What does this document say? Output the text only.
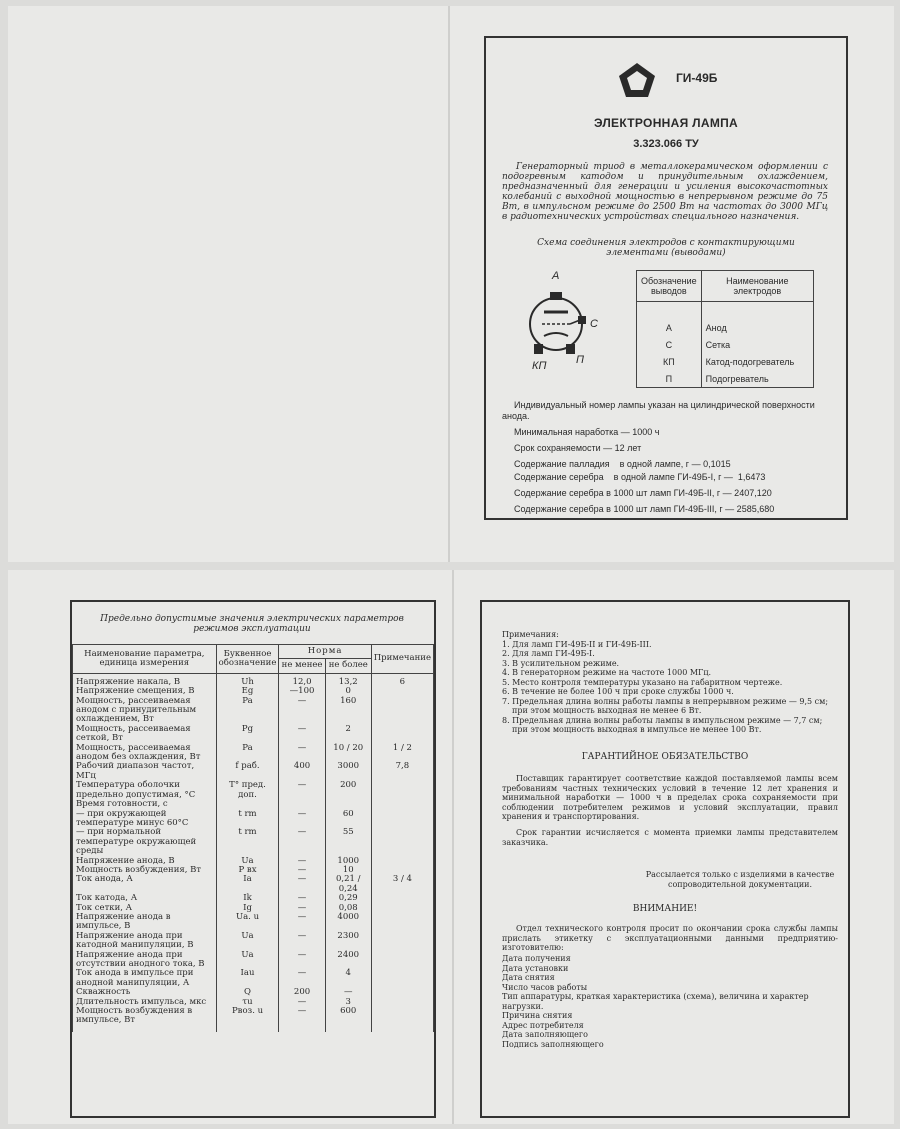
ГИ-49Б
ЭЛЕКТРОННАЯ ЛАМПА
3.323.066 ТУ
Генераторный триод в металлокерамическом оформлении с подогревным катодом и принудительным охлаждением, предназначенный для генерации и усиления высокочастотных колебаний с выходной мощностью в непрерывном режиме до 75 Вт, в импульсном режиме до 2500 Вт на частотах до 3000 МГц в радиотехнических устройствах специального назначения.
Схема соединения электродов с контактирующими элементами (выводами)
А
С
КП	П
Обозначение выводов	Наименование электродов

А	Анод
С	Сетка
КП	Катод-подогреватель
П	Подогреватель
Индивидуальный номер лампы указан на цилиндрической поверхности анода.
Минимальная наработка — 1000 ч
Срок сохраняемости — 12 лет
Содержание палладия    в одной лампе, г — 0,1015
Содержание серебра    в одной лампе ГИ-49Б-I, г —  1,6473
Содержание серебра в 1000 шт ламп ГИ-49Б-II, г — 2407,120
Содержание серебра в 1000 шт ламп ГИ-49Б-III, г — 2585,680
Предельно допустимые значения электрических параметров режимов эксплуатации
Наименование параметра, единица измерения	Буквенное обозначение	Норма		Примечание
		не менее	не более	
Напряжение накала, В	Uh	12,0	13,2	6
Напряжение смещения, В	Eg	—100	0	
Мощность, рассеиваемая анодом с принудительным охлаждением, Вт	Pa	—	160	
Мощность, рассеиваемая сеткой, Вт	Pg	—	2	
Мощность, рассеиваемая анодом без охлаждения, Вт	Pa	—	10 / 20	1 / 2
Рабочий диапазон частот, МГц	f раб.	400	3000	7,8
Температура оболочки предельно допустимая, °С	T° пред. доп.	—	200	
Время готовности, с				
— при окружающей температуре минус 60°С	t rm	—	60	
— при нормальной температуре окружающей среды	t rm	—	55	
Напряжение анода, В	Ua	—	1000	
Мощность возбуждения, Вт	P вх	—	10	
Ток анода, А	Ia	—	0,21 / 0,24	3 / 4
Ток катода, А	Ik	—	0,29	
Ток сетки, А	Ig	—	0,08	
Напряжение анода в импульсе, В	Ua. u	—	4000	
Напряжение анода при катодной манипуляции, В	Ua	—	2300	
Напряжение анода при отсутствии анодного тока, В	Ua	—	2400	
Ток анода в импульсе при анодной манипуляции, А	Iau	—	4	
Скважность	Q	200	—	
Длительность импульса, мкс	τu	—	3	
Мощность возбуждения в импульсе, Вт	Рвоз. u	—	600	

Примечания:
1. Для ламп ГИ-49Б-II и ГИ-49Б-III.
2. Для ламп ГИ-49Б-I.
3. В усилительном режиме.
4. В генераторном режиме на частоте 1000 МГц.
5. Место контроля температуры указано на габаритном чертеже.
6. В течение не более 100 ч при сроке службы 1000 ч.
7. Предельная длина волны работы лампы в непрерывном режиме — 9,5 см; при этом мощность выходная не менее 6 Вт.
8. Предельная длина волны работы лампы в импульсном режиме — 7,7 см; при этом мощность выходная в импульсе не менее 100 Вт.
ГАРАНТИЙНОЕ ОБЯЗАТЕЛЬСТВО
Поставщик гарантирует соответствие каждой поставляемой лампы всем требованиям частных технических условий в течение 12 лет хранения и минимальной наработки — 1000 ч в пределах срока сохраняемости при соблюдении потребителем режимов и условий эксплуатации, правил хранения и транспортирования.
Срок гарантии исчисляется с момента приемки лампы представителем заказчика.
Рассылается только с изделиями в качестве сопроводительной документации.
ВНИМАНИЕ!
Отдел технического контроля просит по окончании срока службы лампы прислать этикетку с эксплуатационными данными предприятию-изготовителю:
Дата получения
Дата установки
Дата снятия
Число часов работы
Тип аппаратуры, краткая характеристика (схема), величина и характер нагрузки.
Причина снятия
Адрес потребителя
Дата заполняющего
Подпись заполняющего
